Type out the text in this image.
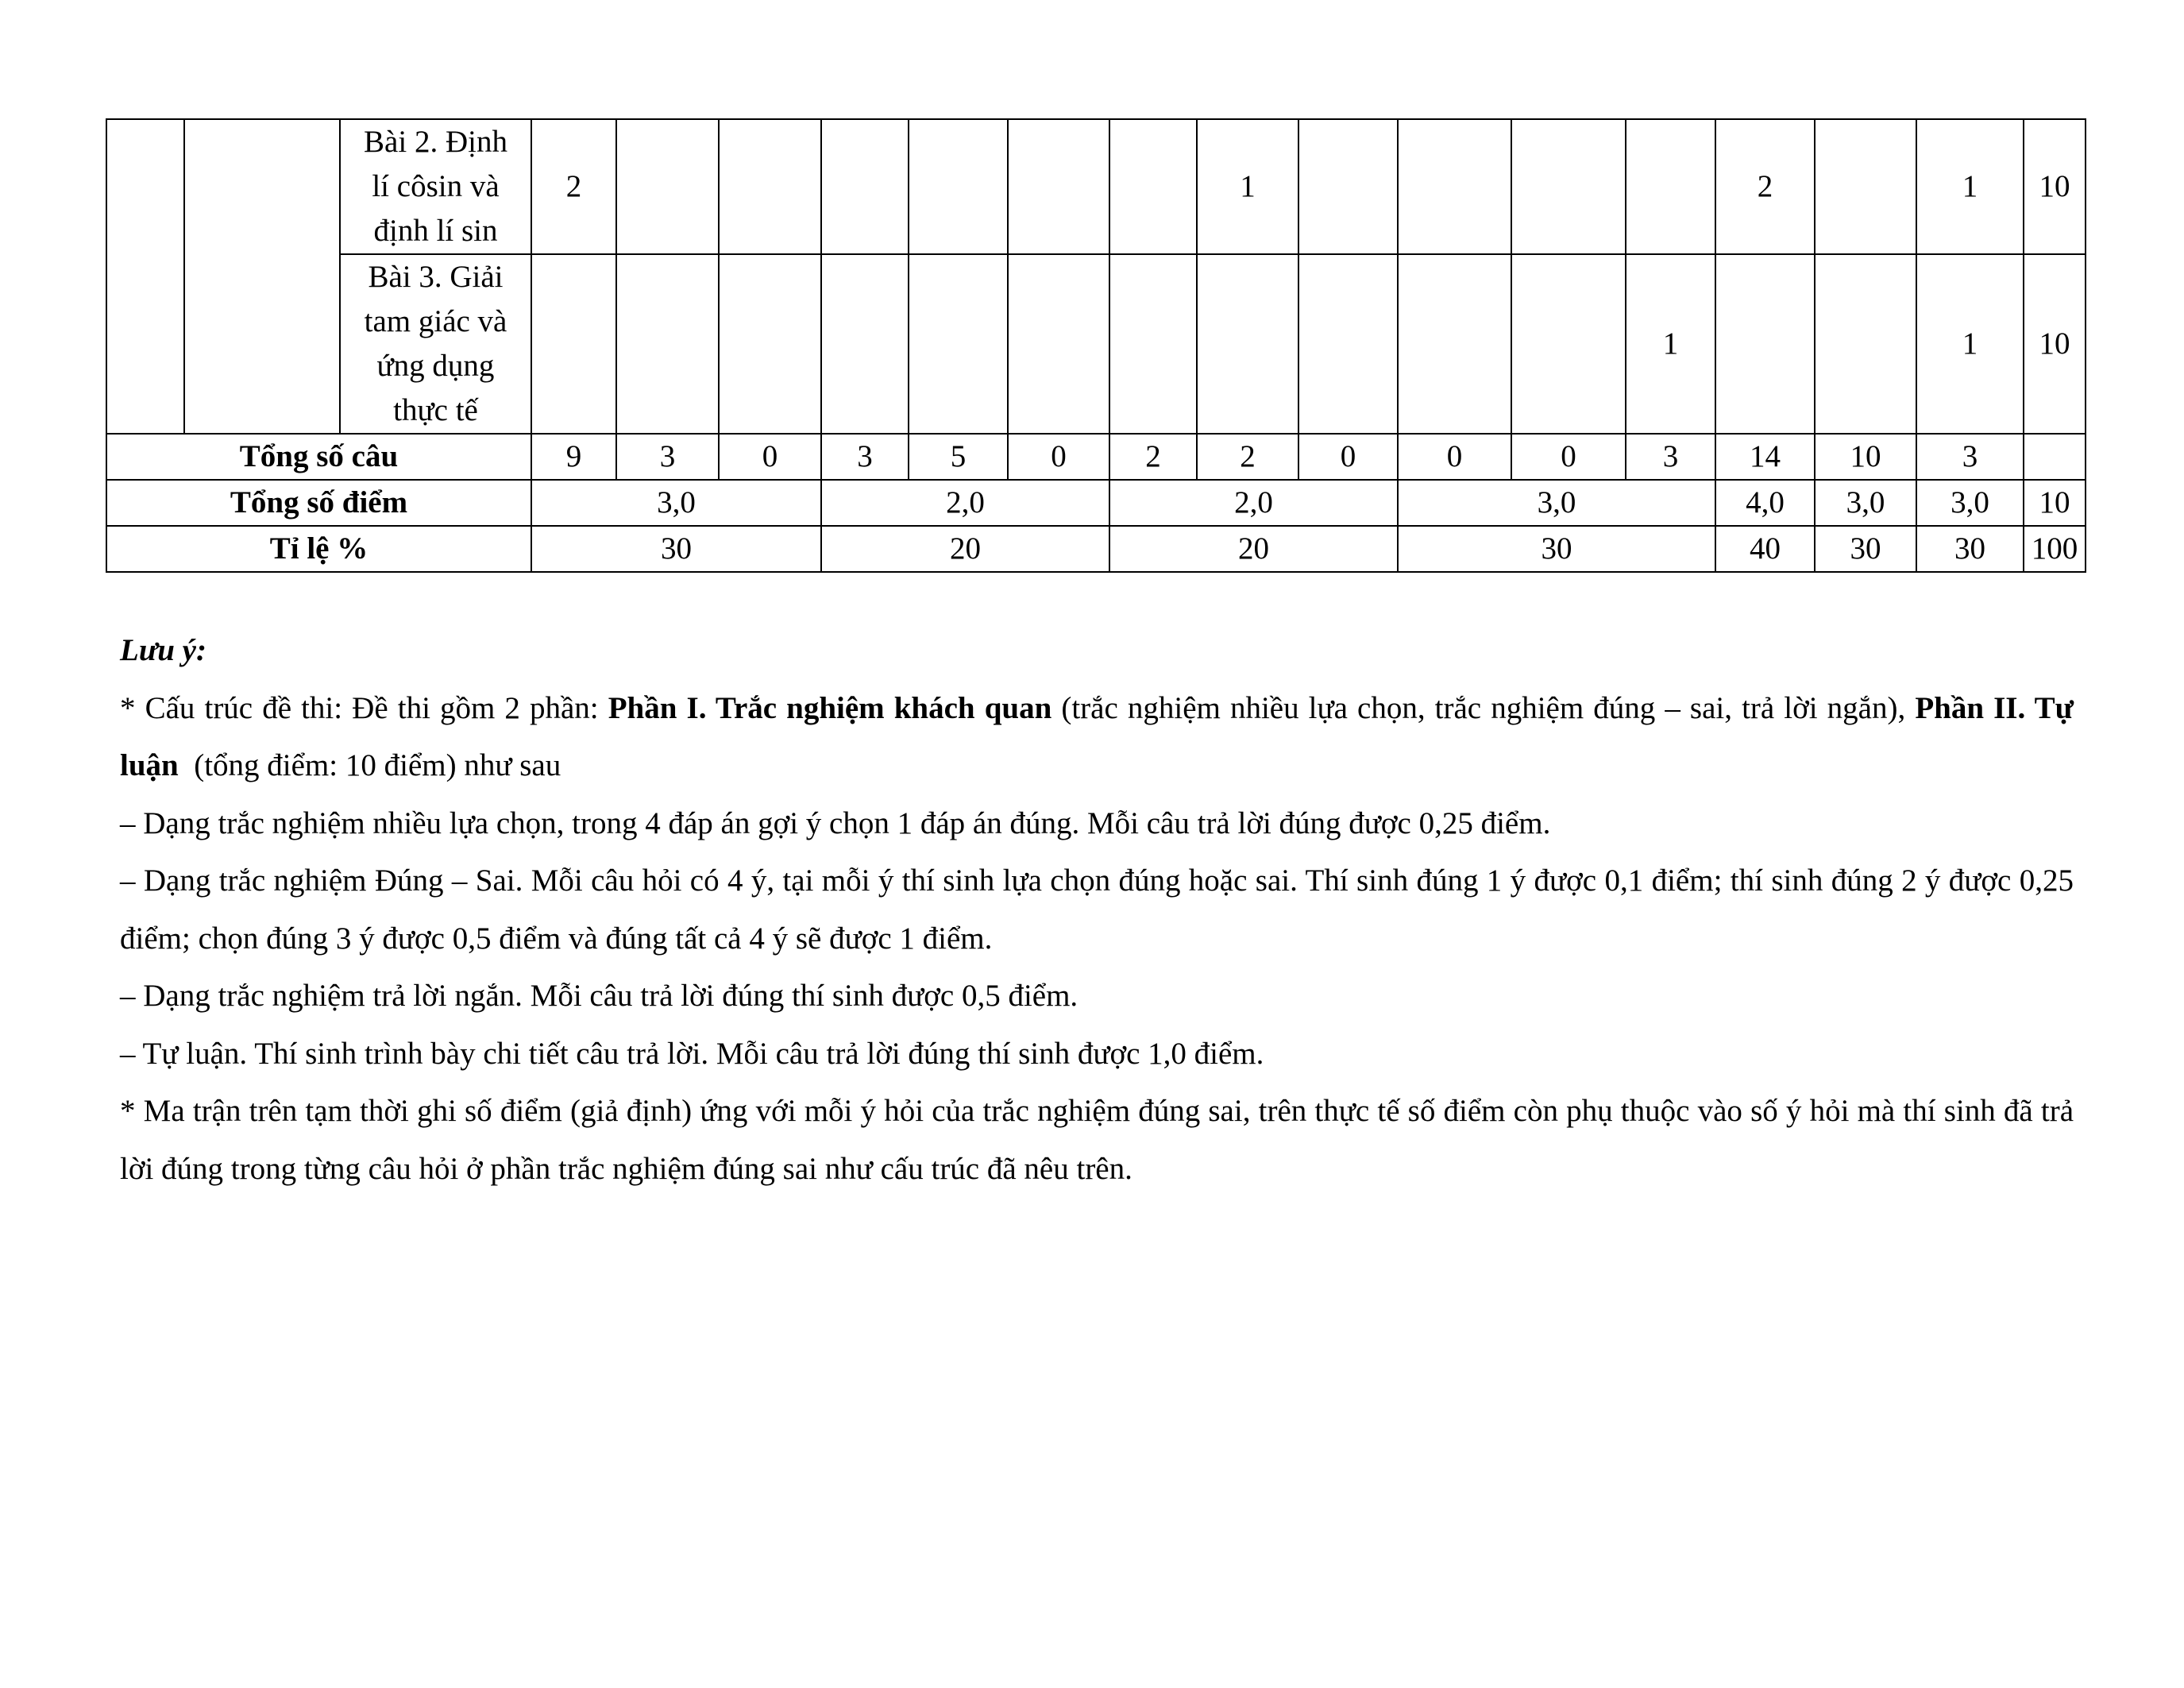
		Bài 2. Định
lí côsin và
định lí sin	2							1					2		1	10
		Bài 3. Giải
tam giác và
ứng dụng
thực tế												1			1	10
Tổng số câu			9	3	0	3	5	0	2	2	0	0	0	3	14	10	3	
Tổng số điểm			3,0			2,0			2,0			3,0			4,0	3,0	3,0	10
Tỉ lệ %			30			20			20			30			40	30	30	100

Lưu ý:

* Cấu trúc đề thi: Đề thi gồm 2 phần: Phần I. Trắc nghiệm khách quan (trắc nghiệm nhiều lựa chọn, trắc nghiệm đúng – sai, trả lời ngắn), Phần II. Tự luận  (tổng điểm: 10 điểm) như sau

– Dạng trắc nghiệm nhiều lựa chọn, trong 4 đáp án gợi ý chọn 1 đáp án đúng. Mỗi câu trả lời đúng được 0,25 điểm.

– Dạng trắc nghiệm Đúng – Sai. Mỗi câu hỏi có 4 ý, tại mỗi ý thí sinh lựa chọn đúng hoặc sai. Thí sinh đúng 1 ý được 0,1 điểm; thí sinh đúng 2 ý được 0,25 điểm; chọn đúng 3 ý được 0,5 điểm và đúng tất cả 4 ý sẽ được 1 điểm.

– Dạng trắc nghiệm trả lời ngắn. Mỗi câu trả lời đúng thí sinh được 0,5 điểm.

– Tự luận. Thí sinh trình bày chi tiết câu trả lời. Mỗi câu trả lời đúng thí sinh được 1,0 điểm.

* Ma trận trên tạm thời ghi số điểm (giả định) ứng với mỗi ý hỏi của trắc nghiệm đúng sai, trên thực tế số điểm còn phụ thuộc vào số ý hỏi mà thí sinh đã trả lời đúng trong từng câu hỏi ở phần trắc nghiệm đúng sai như cấu trúc đã nêu trên.
